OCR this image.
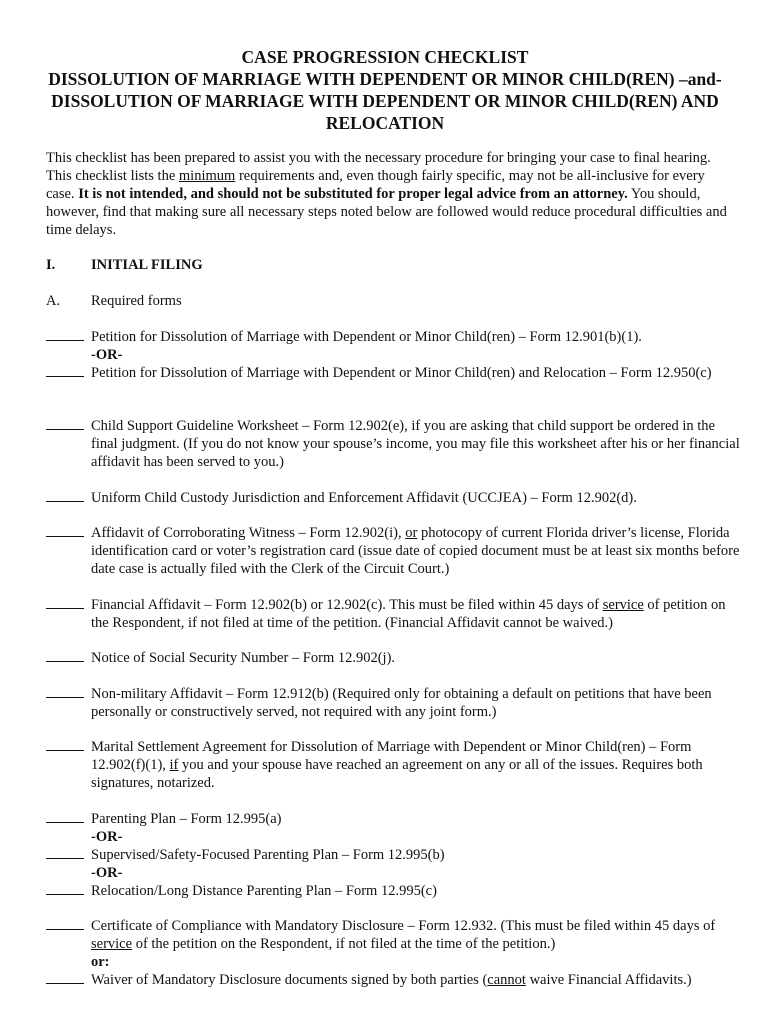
CASE PROGRESSION CHECKLIST
DISSOLUTION OF MARRIAGE WITH DEPENDENT OR MINOR CHILD(REN) –and-
DISSOLUTION OF MARRIAGE WITH DEPENDENT OR MINOR CHILD(REN) AND
RELOCATION

This checklist has been prepared to assist you with the necessary procedure for bringing your case to final hearing. This checklist lists the minimum requirements and, even though fairly specific, may not be all-inclusive for every case. It is not intended, and should not be substituted for proper legal advice from an attorney. You should, however, find that making sure all necessary steps noted below are followed would reduce procedural difficulties and time delays.

I. INITIAL FILING
A. Required forms
Petition for Dissolution of Marriage with Dependent or Minor Child(ren) – Form 12.901(b)(1).
-OR-
Petition for Dissolution of Marriage with Dependent or Minor Child(ren) and Relocation – Form 12.950(c)
Child Support Guideline Worksheet – Form 12.902(e), if you are asking that child support be ordered in the final judgment. (If you do not know your spouse’s income, you may file this worksheet after his or her financial affidavit has been served to you.)
Uniform Child Custody Jurisdiction and Enforcement Affidavit (UCCJEA) – Form 12.902(d).
Affidavit of Corroborating Witness – Form 12.902(i), or photocopy of current Florida driver’s license, Florida identification card or voter’s registration card (issue date of copied document must be at least six months before date case is actually filed with the Clerk of the Circuit Court.)
Financial Affidavit – Form 12.902(b) or 12.902(c). This must be filed within 45 days of service of petition on the Respondent, if not filed at time of the petition. (Financial Affidavit cannot be waived.)
Notice of Social Security Number – Form 12.902(j).
Non-military Affidavit – Form 12.912(b) (Required only for obtaining a default on petitions that have been personally or constructively served, not required with any joint form.)
Marital Settlement Agreement for Dissolution of Marriage with Dependent or Minor Child(ren) – Form 12.902(f)(1), if you and your spouse have reached an agreement on any or all of the issues. Requires both signatures, notarized.
Parenting Plan – Form 12.995(a)
-OR-
Supervised/Safety-Focused Parenting Plan – Form 12.995(b)
-OR-
Relocation/Long Distance Parenting Plan – Form 12.995(c)
Certificate of Compliance with Mandatory Disclosure – Form 12.932. (This must be filed within 45 days of service of the petition on the Respondent, if not filed at the time of the petition.)
or:
Waiver of Mandatory Disclosure documents signed by both parties (cannot waive Financial Affidavits.)
